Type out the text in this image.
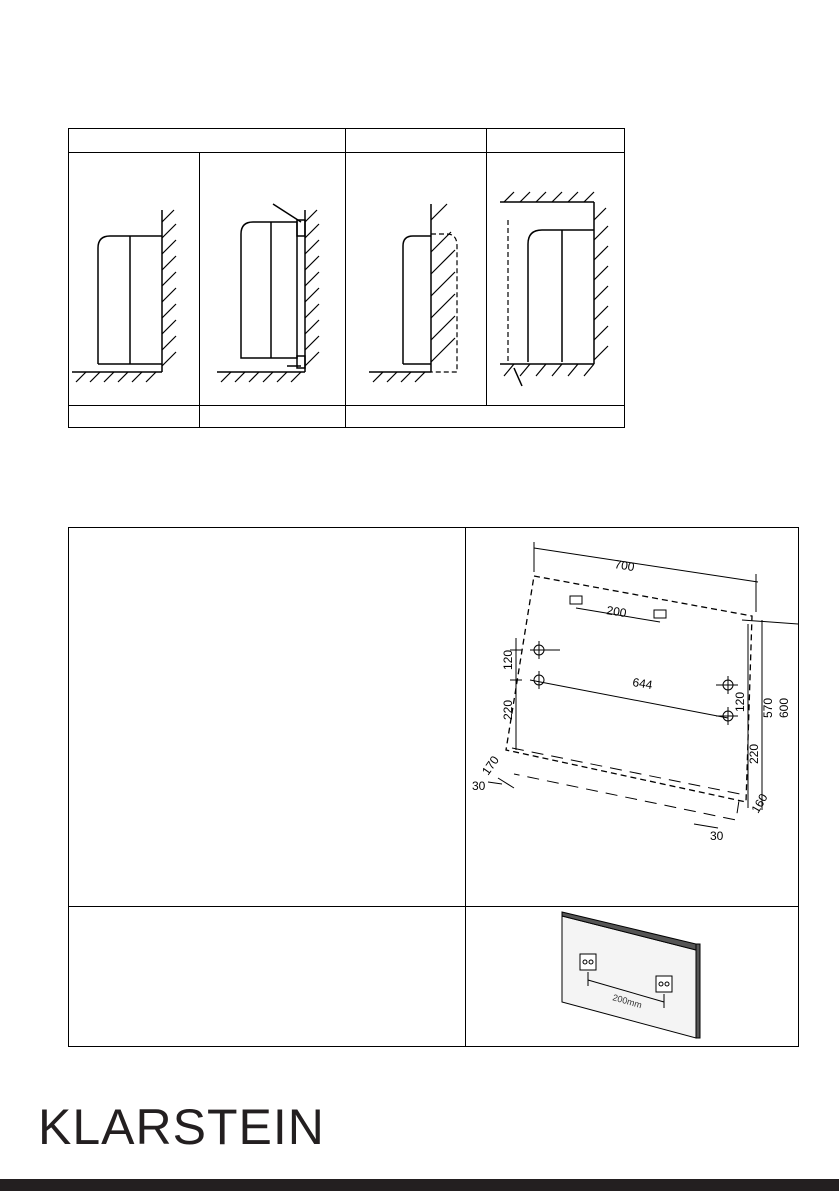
700
200
644
120
220
170
30
120
220
570 600
160
30
200mm
KLARSTEIN
